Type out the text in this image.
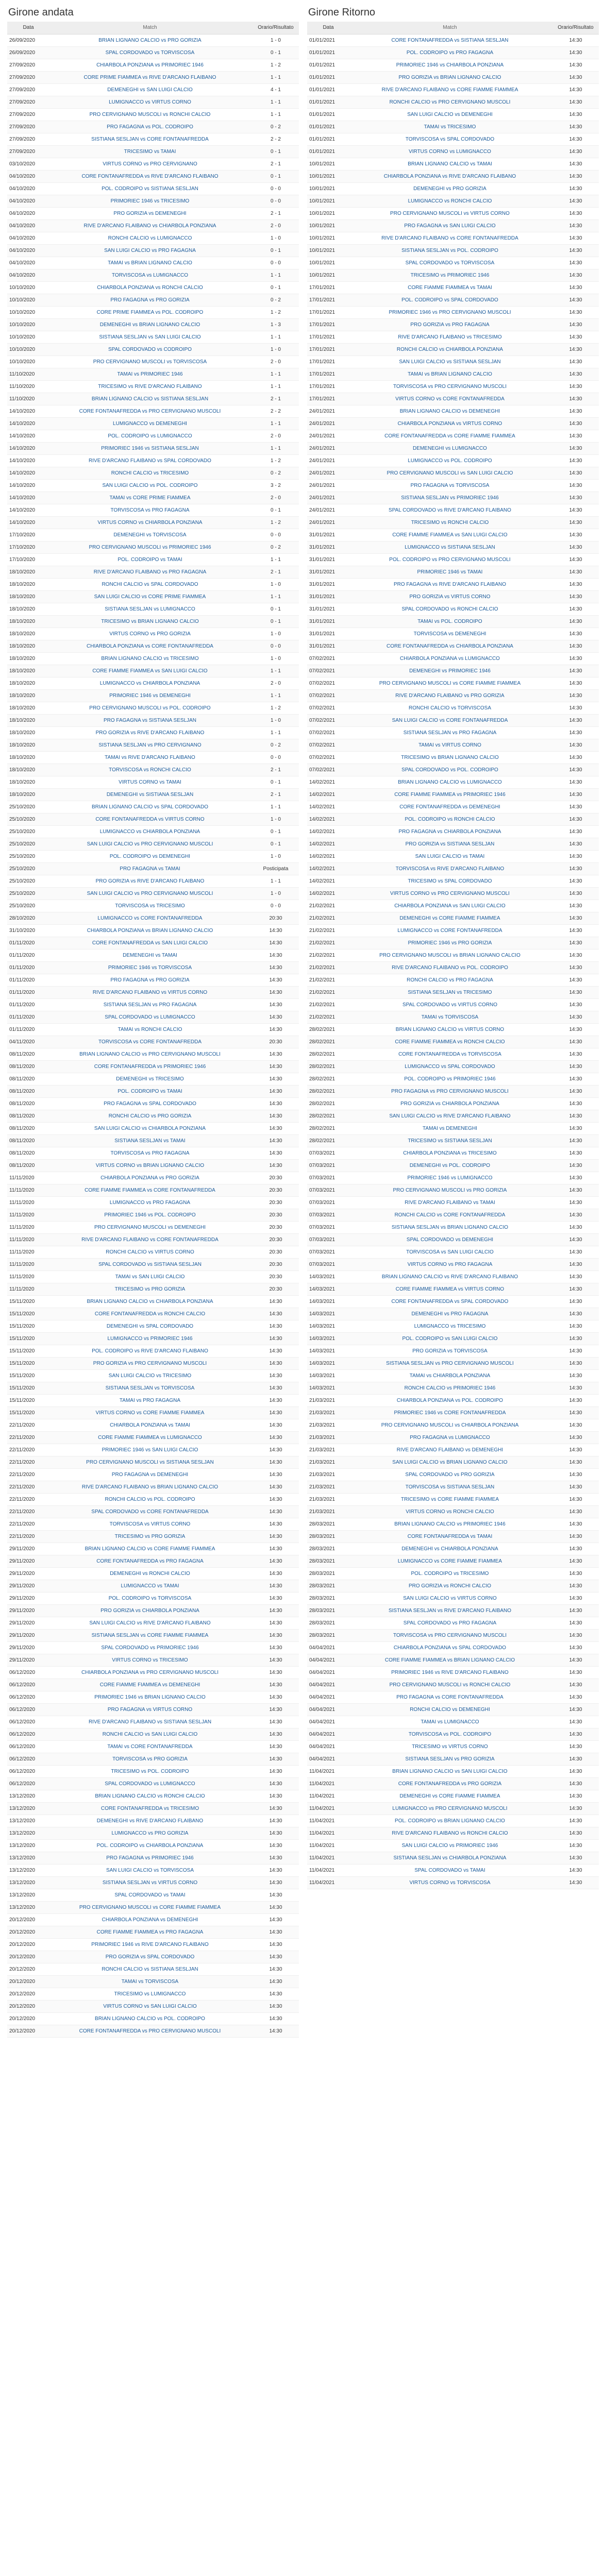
Girone andata
Data	Match	Orario/Risultato
26/09/2020	BRIAN LIGNANO CALCIO vs PRO GORIZIA	1 - 0
26/09/2020	SPAL CORDOVADO vs TORVISCOSA	0 - 1
27/09/2020	CHIARBOLA PONZIANA vs PRIMORIEC 1946	1 - 2
27/09/2020	CORE PRIME FIAMMEA vs RIVE D'ARCANO FLAIBANO	1 - 1
27/09/2020	DEMENEGHI vs SAN LUIGI CALCIO	4 - 1
27/09/2020	LUMIGNACCO vs VIRTUS CORNO	1 - 1
27/09/2020	PRO CERVIGNANO MUSCOLI vs RONCHI CALCIO	1 - 1
27/09/2020	PRO FAGAGNA vs POL. CODROIPO	0 - 2
27/09/2020	SISTIANA SESLJAN vs CORE FONTANAFREDDA	2 - 2
27/09/2020	TRICESIMO vs TAMAI	0 - 1
03/10/2020	VIRTUS CORNO vs PRO CERVIGNANO	2 - 1
04/10/2020	CORE FONTANAFREDDA vs RIVE D'ARCANO FLAIBANO	0 - 1
04/10/2020	POL. CODROIPO vs SISTIANA SESLJAN	0 - 0
04/10/2020	PRIMORIEC 1946 vs TRICESIMO	0 - 0
04/10/2020	PRO GORIZIA vs DEMENEGHI	2 - 1
04/10/2020	RIVE D'ARCANO FLAIBANO vs CHIARBOLA PONZIANA	2 - 0
04/10/2020	RONCHI CALCIO vs LUMIGNACCO	1 - 0
04/10/2020	SAN LUIGI CALCIO vs PRO FAGAGNA	0 - 1
04/10/2020	TAMAI vs BRIAN LIGNANO CALCIO	0 - 0
04/10/2020	TORVISCOSA vs LUMIGNACCO	1 - 1
10/10/2020	CHIARBOLA PONZIANA vs RONCHI CALCIO	0 - 1
10/10/2020	PRO FAGAGNA vs PRO GORIZIA	0 - 2
10/10/2020	CORE PRIME FIAMMEA vs POL. CODROIPO	1 - 2
10/10/2020	DEMENEGHI vs BRIAN LIGNANO CALCIO	1 - 3
10/10/2020	SISTIANA SESLJAN vs SAN LUIGI CALCIO	1 - 1
10/10/2020	SPAL CORDOVADO vs CODROIPO	1 - 0
10/10/2020	PRO CERVIGNANO MUSCOLI vs TORVISCOSA	2 - 0
11/10/2020	TAMAI vs PRIMORIEC 1946	1 - 1
11/10/2020	TRICESIMO vs RIVE D'ARCANO FLAIBANO	1 - 1
11/10/2020	BRIAN LIGNANO CALCIO vs SISTIANA SESLJAN	2 - 1
14/10/2020	CORE FONTANAFREDDA vs PRO CERVIGNANO MUSCOLI	2 - 2
14/10/2020	LUMIGNACCO vs DEMENEGHI	1 - 1
14/10/2020	POL. CODROIPO vs LUMIGNACCO	2 - 0
14/10/2020	PRIMORIEC 1946 vs SISTIANA SESLJAN	1 - 1
14/10/2020	RIVE D'ARCANO FLAIBANO vs SPAL CORDOVADO	1 - 2
14/10/2020	RONCHI CALCIO vs TRICESIMO	0 - 2
14/10/2020	SAN LUIGI CALCIO vs POL. CODROIPO	3 - 2
14/10/2020	TAMAI vs CORE PRIME FIAMMEA	2 - 0
14/10/2020	TORVISCOSA vs PRO FAGAGNA	0 - 1
14/10/2020	VIRTUS CORNO vs CHIARBOLA PONZIANA	1 - 2
17/10/2020	DEMENEGHI vs TORVISCOSA	0 - 0
17/10/2020	PRO CERVIGNANO MUSCOLI vs PRIMORIEC 1946	0 - 2
17/10/2020	POL. CODROIPO vs TAMAI	1 - 1
18/10/2020	RIVE D'ARCANO FLAIBANO vs PRO FAGAGNA	2 - 1
18/10/2020	RONCHI CALCIO vs SPAL CORDOVADO	1 - 0
18/10/2020	SAN LUIGI CALCIO vs CORE PRIME FIAMMEA	1 - 1
18/10/2020	SISTIANA SESLJAN vs LUMIGNACCO	0 - 1
18/10/2020	TRICESIMO vs BRIAN LIGNANO CALCIO	0 - 1
18/10/2020	VIRTUS CORNO vs PRO GORIZIA	1 - 0
18/10/2020	CHIARBOLA PONZIANA vs CORE FONTANAFREDDA	0 - 0
18/10/2020	BRIAN LIGNANO CALCIO vs TRICESIMO	1 - 0
18/10/2020	CORE FIAMME FIAMMEA vs SAN LUIGI CALCIO	1 - 1
18/10/2020	LUMIGNACCO vs CHIARBOLA PONZIANA	2 - 0
18/10/2020	PRIMORIEC 1946 vs DEMENEGHI	1 - 1
18/10/2020	PRO CERVIGNANO MUSCOLI vs POL. CODROIPO	1 - 2
18/10/2020	PRO FAGAGNA vs SISTIANA SESLJAN	1 - 0
18/10/2020	PRO GORIZIA vs RIVE D'ARCANO FLAIBANO	1 - 1
18/10/2020	SISTIANA SESLJAN vs PRO CERVIGNANO	0 - 2
18/10/2020	TAMAI vs RIVE D'ARCANO FLAIBANO	0 - 0
18/10/2020	TORVISCOSA vs RONCHI CALCIO	2 - 1
18/10/2020	VIRTUS CORNO vs TAMAI	0 - 1
18/10/2020	DEMENEGHI vs SISTIANA SESLJAN	2 - 1
25/10/2020	BRIAN LIGNANO CALCIO vs SPAL CORDOVADO	1 - 1
25/10/2020	CORE FONTANAFREDDA vs VIRTUS CORNO	1 - 0
25/10/2020	LUMIGNACCO vs CHIARBOLA PONZIANA	0 - 1
25/10/2020	SAN LUIGI CALCIO vs PRO CERVIGNANO MUSCOLI	0 - 1
25/10/2020	POL. CODROIPO vs DEMENEGHI	1 - 0
25/10/2020	PRO FAGAGNA vs TAMAI	Posticipata
25/10/2020	PRO GORIZIA vs RIVE D'ARCANO FLAIBANO	1 - 1
25/10/2020	SAN LUIGI CALCIO vs PRO CERVIGNANO MUSCOLI	1 - 0
25/10/2020	TORVISCOSA vs TRICESIMO	0 - 0
28/10/2020	LUMIGNACCO vs CORE FONTANAFREDDA	20:30
31/10/2020	CHIARBOLA PONZIANA vs BRIAN LIGNANO CALCIO	14:30
01/11/2020	CORE FONTANAFREDDA vs SAN LUIGI CALCIO	14:30
01/11/2020	DEMENEGHI vs TAMAI	14:30
01/11/2020	PRIMORIEC 1946 vs TORVISCOSA	14:30
01/11/2020	PRO FAGAGNA vs PRO GORIZIA	14:30
01/11/2020	RIVE D'ARCANO FLAIBANO vs VIRTUS CORNO	14:30
01/11/2020	SISTIANA SESLJAN vs PRO FAGAGNA	14:30
01/11/2020	SPAL CORDOVADO vs LUMIGNACCO	14:30
01/11/2020	TAMAI vs RONCHI CALCIO	14:30
04/11/2020	TORVISCOSA vs CORE FONTANAFREDDA	20:30
08/11/2020	BRIAN LIGNANO CALCIO vs PRO CERVIGNANO MUSCOLI	14:30
08/11/2020	CORE FONTANAFREDDA vs PRIMORIEC 1946	14:30
08/11/2020	DEMENEGHI vs TRICESIMO	14:30
08/11/2020	POL. CODROIPO vs TAMAI	14:30
08/11/2020	PRO FAGAGNA vs SPAL CORDOVADO	14:30
08/11/2020	RONCHI CALCIO vs PRO GORIZIA	14:30
08/11/2020	SAN LUIGI CALCIO vs CHIARBOLA PONZIANA	14:30
08/11/2020	SISTIANA SESLJAN vs TAMAI	14:30
08/11/2020	TORVISCOSA vs PRO FAGAGNA	14:30
08/11/2020	VIRTUS CORNO vs BRIAN LIGNANO CALCIO	14:30
11/11/2020	CHIARBOLA PONZIANA vs PRO GORIZIA	20:30
11/11/2020	CORE FIAMME FIAMMEA vs CORE FONTANAFREDDA	20:30
11/11/2020	LUMIGNACCO vs PRO FAGAGNA	20:30
11/11/2020	PRIMORIEC 1946 vs POL. CODROIPO	20:30
11/11/2020	PRO CERVIGNANO MUSCOLI vs DEMENEGHI	20:30
11/11/2020	RIVE D'ARCANO FLAIBANO vs CORE FONTANAFREDDA	20:30
11/11/2020	RONCHI CALCIO vs VIRTUS CORNO	20:30
11/11/2020	SPAL CORDOVADO vs SISTIANA SESLJAN	20:30
11/11/2020	TAMAI vs SAN LUIGI CALCIO	20:30
11/11/2020	TRICESIMO vs PRO GORIZIA	20:30
15/11/2020	BRIAN LIGNANO CALCIO vs CHIARBOLA PONZIANA	14:30
15/11/2020	CORE FONTANAFREDDA vs RONCHI CALCIO	14:30
15/11/2020	DEMENEGHI vs SPAL CORDOVADO	14:30
15/11/2020	LUMIGNACCO vs PRIMORIEC 1946	14:30
15/11/2020	POL. CODROIPO vs RIVE D'ARCANO FLAIBANO	14:30
15/11/2020	PRO GORIZIA vs PRO CERVIGNANO MUSCOLI	14:30
15/11/2020	SAN LUIGI CALCIO vs TRICESIMO	14:30
15/11/2020	SISTIANA SESLJAN vs TORVISCOSA	14:30
15/11/2020	TAMAI vs PRO FAGAGNA	14:30
15/11/2020	VIRTUS CORNO vs CORE FIAMME FIAMMEA	14:30
22/11/2020	CHIARBOLA PONZIANA vs TAMAI	14:30
22/11/2020	CORE FIAMME FIAMMEA vs LUMIGNACCO	14:30
22/11/2020	PRIMORIEC 1946 vs SAN LUIGI CALCIO	14:30
22/11/2020	PRO CERVIGNANO MUSCOLI vs SISTIANA SESLJAN	14:30
22/11/2020	PRO FAGAGNA vs DEMENEGHI	14:30
22/11/2020	RIVE D'ARCANO FLAIBANO vs BRIAN LIGNANO CALCIO	14:30
22/11/2020	RONCHI CALCIO vs POL. CODROIPO	14:30
22/11/2020	SPAL CORDOVADO vs CORE FONTANAFREDDA	14:30
22/11/2020	TORVISCOSA vs VIRTUS CORNO	14:30
22/11/2020	TRICESIMO vs PRO GORIZIA	14:30
29/11/2020	BRIAN LIGNANO CALCIO vs CORE FIAMME FIAMMEA	14:30
29/11/2020	CORE FONTANAFREDDA vs PRO FAGAGNA	14:30
29/11/2020	DEMENEGHI vs RONCHI CALCIO	14:30
29/11/2020	LUMIGNACCO vs TAMAI	14:30
29/11/2020	POL. CODROIPO vs TORVISCOSA	14:30
29/11/2020	PRO GORIZIA vs CHIARBOLA PONZIANA	14:30
29/11/2020	SAN LUIGI CALCIO vs RIVE D'ARCANO FLAIBANO	14:30
29/11/2020	SISTIANA SESLJAN vs CORE FIAMME FIAMMEA	14:30
29/11/2020	SPAL CORDOVADO vs PRIMORIEC 1946	14:30
29/11/2020	VIRTUS CORNO vs TRICESIMO	14:30
06/12/2020	CHIARBOLA PONZIANA vs PRO CERVIGNANO MUSCOLI	14:30
06/12/2020	CORE FIAMME FIAMMEA vs DEMENEGHI	14:30
06/12/2020	PRIMORIEC 1946 vs BRIAN LIGNANO CALCIO	14:30
06/12/2020	PRO FAGAGNA vs VIRTUS CORNO	14:30
06/12/2020	RIVE D'ARCANO FLAIBANO vs SISTIANA SESLJAN	14:30
06/12/2020	RONCHI CALCIO vs SAN LUIGI CALCIO	14:30
06/12/2020	TAMAI vs CORE FONTANAFREDDA	14:30
06/12/2020	TORVISCOSA vs PRO GORIZIA	14:30
06/12/2020	TRICESIMO vs POL. CODROIPO	14:30
06/12/2020	SPAL CORDOVADO vs LUMIGNACCO	14:30
13/12/2020	BRIAN LIGNANO CALCIO vs RONCHI CALCIO	14:30
13/12/2020	CORE FONTANAFREDDA vs TRICESIMO	14:30
13/12/2020	DEMENEGHI vs RIVE D'ARCANO FLAIBANO	14:30
13/12/2020	LUMIGNACCO vs PRO GORIZIA	14:30
13/12/2020	POL. CODROIPO vs CHIARBOLA PONZIANA	14:30
13/12/2020	PRO FAGAGNA vs PRIMORIEC 1946	14:30
13/12/2020	SAN LUIGI CALCIO vs TORVISCOSA	14:30
13/12/2020	SISTIANA SESLJAN vs VIRTUS CORNO	14:30
13/12/2020	SPAL CORDOVADO vs TAMAI	14:30
13/12/2020	PRO CERVIGNANO MUSCOLI vs CORE FIAMME FIAMMEA	14:30
20/12/2020	CHIARBOLA PONZIANA vs DEMENEGHI	14:30
20/12/2020	CORE FIAMME FIAMMEA vs PRO FAGAGNA	14:30
20/12/2020	PRIMORIEC 1946 vs RIVE D'ARCANO FLAIBANO	14:30
20/12/2020	PRO GORIZIA vs SPAL CORDOVADO	14:30
20/12/2020	RONCHI CALCIO vs SISTIANA SESLJAN	14:30
20/12/2020	TAMAI vs TORVISCOSA	14:30
20/12/2020	TRICESIMO vs LUMIGNACCO	14:30
20/12/2020	VIRTUS CORNO vs SAN LUIGI CALCIO	14:30
20/12/2020	BRIAN LIGNANO CALCIO vs POL. CODROIPO	14:30
20/12/2020	CORE FONTANAFREDDA vs PRO CERVIGNANO MUSCOLI	14:30
Girone Ritorno
Data	Match	Orario/Risultato
01/01/2021	CORE FONTANAFREDDA vs SISTIANA SESLJAN	14:30
01/01/2021	POL. CODROIPO vs PRO FAGAGNA	14:30
01/01/2021	PRIMORIEC 1946 vs CHIARBOLA PONZIANA	14:30
01/01/2021	PRO GORIZIA vs BRIAN LIGNANO CALCIO	14:30
01/01/2021	RIVE D'ARCANO FLAIBANO vs CORE FIAMME FIAMMEA	14:30
01/01/2021	RONCHI CALCIO vs PRO CERVIGNANO MUSCOLI	14:30
01/01/2021	SAN LUIGI CALCIO vs DEMENEGHI	14:30
01/01/2021	TAMAI vs TRICESIMO	14:30
01/01/2021	TORVISCOSA vs SPAL CORDOVADO	14:30
01/01/2021	VIRTUS CORNO vs LUMIGNACCO	14:30
10/01/2021	BRIAN LIGNANO CALCIO vs TAMAI	14:30
10/01/2021	CHIARBOLA PONZIANA vs RIVE D'ARCANO FLAIBANO	14:30
10/01/2021	DEMENEGHI vs PRO GORIZIA	14:30
10/01/2021	LUMIGNACCO vs RONCHI CALCIO	14:30
10/01/2021	PRO CERVIGNANO MUSCOLI vs VIRTUS CORNO	14:30
10/01/2021	PRO FAGAGNA vs SAN LUIGI CALCIO	14:30
10/01/2021	RIVE D'ARCANO FLAIBANO vs CORE FONTANAFREDDA	14:30
10/01/2021	SISTIANA SESLJAN vs POL. CODROIPO	14:30
10/01/2021	SPAL CORDOVADO vs TORVISCOSA	14:30
10/01/2021	TRICESIMO vs PRIMORIEC 1946	14:30
17/01/2021	CORE FIAMME FIAMMEA vs TAMAI	14:30
17/01/2021	POL. CODROIPO vs SPAL CORDOVADO	14:30
17/01/2021	PRIMORIEC 1946 vs PRO CERVIGNANO MUSCOLI	14:30
17/01/2021	PRO GORIZIA vs PRO FAGAGNA	14:30
17/01/2021	RIVE D'ARCANO FLAIBANO vs TRICESIMO	14:30
17/01/2021	RONCHI CALCIO vs CHIARBOLA PONZIANA	14:30
17/01/2021	SAN LUIGI CALCIO vs SISTIANA SESLJAN	14:30
17/01/2021	TAMAI vs BRIAN LIGNANO CALCIO	14:30
17/01/2021	TORVISCOSA vs PRO CERVIGNANO MUSCOLI	14:30
17/01/2021	VIRTUS CORNO vs CORE FONTANAFREDDA	14:30
24/01/2021	BRIAN LIGNANO CALCIO vs DEMENEGHI	14:30
24/01/2021	CHIARBOLA PONZIANA vs VIRTUS CORNO	14:30
24/01/2021	CORE FONTANAFREDDA vs CORE FIAMME FIAMMEA	14:30
24/01/2021	DEMENEGHI vs LUMIGNACCO	14:30
24/01/2021	LUMIGNACCO vs POL. CODROIPO	14:30
24/01/2021	PRO CERVIGNANO MUSCOLI vs SAN LUIGI CALCIO	14:30
24/01/2021	PRO FAGAGNA vs TORVISCOSA	14:30
24/01/2021	SISTIANA SESLJAN vs PRIMORIEC 1946	14:30
24/01/2021	SPAL CORDOVADO vs RIVE D'ARCANO FLAIBANO	14:30
24/01/2021	TRICESIMO vs RONCHI CALCIO	14:30
31/01/2021	CORE FIAMME FIAMMEA vs SAN LUIGI CALCIO	14:30
31/01/2021	LUMIGNACCO vs SISTIANA SESLJAN	14:30
31/01/2021	POL. CODROIPO vs PRO CERVIGNANO MUSCOLI	14:30
31/01/2021	PRIMORIEC 1946 vs TAMAI	14:30
31/01/2021	PRO FAGAGNA vs RIVE D'ARCANO FLAIBANO	14:30
31/01/2021	PRO GORIZIA vs VIRTUS CORNO	14:30
31/01/2021	SPAL CORDOVADO vs RONCHI CALCIO	14:30
31/01/2021	TAMAI vs POL. CODROIPO	14:30
31/01/2021	TORVISCOSA vs DEMENEGHI	14:30
31/01/2021	CORE FONTANAFREDDA vs CHIARBOLA PONZIANA	14:30
07/02/2021	CHIARBOLA PONZIANA vs LUMIGNACCO	14:30
07/02/2021	DEMENEGHI vs PRIMORIEC 1946	14:30
07/02/2021	PRO CERVIGNANO MUSCOLI vs CORE FIAMME FIAMMEA	14:30
07/02/2021	RIVE D'ARCANO FLAIBANO vs PRO GORIZIA	14:30
07/02/2021	RONCHI CALCIO vs TORVISCOSA	14:30
07/02/2021	SAN LUIGI CALCIO vs CORE FONTANAFREDDA	14:30
07/02/2021	SISTIANA SESLJAN vs PRO FAGAGNA	14:30
07/02/2021	TAMAI vs VIRTUS CORNO	14:30
07/02/2021	TRICESIMO vs BRIAN LIGNANO CALCIO	14:30
07/02/2021	SPAL CORDOVADO vs POL. CODROIPO	14:30
14/02/2021	BRIAN LIGNANO CALCIO vs LUMIGNACCO	14:30
14/02/2021	CORE FIAMME FIAMMEA vs PRIMORIEC 1946	14:30
14/02/2021	CORE FONTANAFREDDA vs DEMENEGHI	14:30
14/02/2021	POL. CODROIPO vs RONCHI CALCIO	14:30
14/02/2021	PRO FAGAGNA vs CHIARBOLA PONZIANA	14:30
14/02/2021	PRO GORIZIA vs SISTIANA SESLJAN	14:30
14/02/2021	SAN LUIGI CALCIO vs TAMAI	14:30
14/02/2021	TORVISCOSA vs RIVE D'ARCANO FLAIBANO	14:30
14/02/2021	TRICESIMO vs SPAL CORDOVADO	14:30
14/02/2021	VIRTUS CORNO vs PRO CERVIGNANO MUSCOLI	14:30
21/02/2021	CHIARBOLA PONZIANA vs SAN LUIGI CALCIO	14:30
21/02/2021	DEMENEGHI vs CORE FIAMME FIAMMEA	14:30
21/02/2021	LUMIGNACCO vs CORE FONTANAFREDDA	14:30
21/02/2021	PRIMORIEC 1946 vs PRO GORIZIA	14:30
21/02/2021	PRO CERVIGNANO MUSCOLI vs BRIAN LIGNANO CALCIO	14:30
21/02/2021	RIVE D'ARCANO FLAIBANO vs POL. CODROIPO	14:30
21/02/2021	RONCHI CALCIO vs PRO FAGAGNA	14:30
21/02/2021	SISTIANA SESLJAN vs TRICESIMO	14:30
21/02/2021	SPAL CORDOVADO vs VIRTUS CORNO	14:30
21/02/2021	TAMAI vs TORVISCOSA	14:30
28/02/2021	BRIAN LIGNANO CALCIO vs VIRTUS CORNO	14:30
28/02/2021	CORE FIAMME FIAMMEA vs RONCHI CALCIO	14:30
28/02/2021	CORE FONTANAFREDDA vs TORVISCOSA	14:30
28/02/2021	LUMIGNACCO vs SPAL CORDOVADO	14:30
28/02/2021	POL. CODROIPO vs PRIMORIEC 1946	14:30
28/02/2021	PRO FAGAGNA vs PRO CERVIGNANO MUSCOLI	14:30
28/02/2021	PRO GORIZIA vs CHIARBOLA PONZIANA	14:30
28/02/2021	SAN LUIGI CALCIO vs RIVE D'ARCANO FLAIBANO	14:30
28/02/2021	TAMAI vs DEMENEGHI	14:30
28/02/2021	TRICESIMO vs SISTIANA SESLJAN	14:30
07/03/2021	CHIARBOLA PONZIANA vs TRICESIMO	14:30
07/03/2021	DEMENEGHI vs POL. CODROIPO	14:30
07/03/2021	PRIMORIEC 1946 vs LUMIGNACCO	14:30
07/03/2021	PRO CERVIGNANO MUSCOLI vs PRO GORIZIA	14:30
07/03/2021	RIVE D'ARCANO FLAIBANO vs TAMAI	14:30
07/03/2021	RONCHI CALCIO vs CORE FONTANAFREDDA	14:30
07/03/2021	SISTIANA SESLJAN vs BRIAN LIGNANO CALCIO	14:30
07/03/2021	SPAL CORDOVADO vs DEMENEGHI	14:30
07/03/2021	TORVISCOSA vs SAN LUIGI CALCIO	14:30
07/03/2021	VIRTUS CORNO vs PRO FAGAGNA	14:30
14/03/2021	BRIAN LIGNANO CALCIO vs RIVE D'ARCANO FLAIBANO	14:30
14/03/2021	CORE FIAMME FIAMMEA vs VIRTUS CORNO	14:30
14/03/2021	CORE FONTANAFREDDA vs SPAL CORDOVADO	14:30
14/03/2021	DEMENEGHI vs PRO FAGAGNA	14:30
14/03/2021	LUMIGNACCO vs TRICESIMO	14:30
14/03/2021	POL. CODROIPO vs SAN LUIGI CALCIO	14:30
14/03/2021	PRO GORIZIA vs TORVISCOSA	14:30
14/03/2021	SISTIANA SESLJAN vs PRO CERVIGNANO MUSCOLI	14:30
14/03/2021	TAMAI vs CHIARBOLA PONZIANA	14:30
14/03/2021	RONCHI CALCIO vs PRIMORIEC 1946	14:30
21/03/2021	CHIARBOLA PONZIANA vs POL. CODROIPO	14:30
21/03/2021	PRIMORIEC 1946 vs CORE FONTANAFREDDA	14:30
21/03/2021	PRO CERVIGNANO MUSCOLI vs CHIARBOLA PONZIANA	14:30
21/03/2021	PRO FAGAGNA vs LUMIGNACCO	14:30
21/03/2021	RIVE D'ARCANO FLAIBANO vs DEMENEGHI	14:30
21/03/2021	SAN LUIGI CALCIO vs BRIAN LIGNANO CALCIO	14:30
21/03/2021	SPAL CORDOVADO vs PRO GORIZIA	14:30
21/03/2021	TORVISCOSA vs SISTIANA SESLJAN	14:30
21/03/2021	TRICESIMO vs CORE FIAMME FIAMMEA	14:30
21/03/2021	VIRTUS CORNO vs RONCHI CALCIO	14:30
28/03/2021	BRIAN LIGNANO CALCIO vs PRIMORIEC 1946	14:30
28/03/2021	CORE FONTANAFREDDA vs TAMAI	14:30
28/03/2021	DEMENEGHI vs CHIARBOLA PONZIANA	14:30
28/03/2021	LUMIGNACCO vs CORE FIAMME FIAMMEA	14:30
28/03/2021	POL. CODROIPO vs TRICESIMO	14:30
28/03/2021	PRO GORIZIA vs RONCHI CALCIO	14:30
28/03/2021	SAN LUIGI CALCIO vs VIRTUS CORNO	14:30
28/03/2021	SISTIANA SESLJAN vs RIVE D'ARCANO FLAIBANO	14:30
28/03/2021	SPAL CORDOVADO vs PRO FAGAGNA	14:30
28/03/2021	TORVISCOSA vs PRO CERVIGNANO MUSCOLI	14:30
04/04/2021	CHIARBOLA PONZIANA vs SPAL CORDOVADO	14:30
04/04/2021	CORE FIAMME FIAMMEA vs BRIAN LIGNANO CALCIO	14:30
04/04/2021	PRIMORIEC 1946 vs RIVE D'ARCANO FLAIBANO	14:30
04/04/2021	PRO CERVIGNANO MUSCOLI vs RONCHI CALCIO	14:30
04/04/2021	PRO FAGAGNA vs CORE FONTANAFREDDA	14:30
04/04/2021	RONCHI CALCIO vs DEMENEGHI	14:30
04/04/2021	TAMAI vs LUMIGNACCO	14:30
04/04/2021	TORVISCOSA vs POL. CODROIPO	14:30
04/04/2021	TRICESIMO vs VIRTUS CORNO	14:30
04/04/2021	SISTIANA SESLJAN vs PRO GORIZIA	14:30
11/04/2021	BRIAN LIGNANO CALCIO vs SAN LUIGI CALCIO	14:30
11/04/2021	CORE FONTANAFREDDA vs PRO GORIZIA	14:30
11/04/2021	DEMENEGHI vs CORE FIAMME FIAMMEA	14:30
11/04/2021	LUMIGNACCO vs PRO CERVIGNANO MUSCOLI	14:30
11/04/2021	POL. CODROIPO vs BRIAN LIGNANO CALCIO	14:30
11/04/2021	RIVE D'ARCANO FLAIBANO vs RONCHI CALCIO	14:30
11/04/2021	SAN LUIGI CALCIO vs PRIMORIEC 1946	14:30
11/04/2021	SISTIANA SESLJAN vs CHIARBOLA PONZIANA	14:30
11/04/2021	SPAL CORDOVADO vs TAMAI	14:30
11/04/2021	VIRTUS CORNO vs TORVISCOSA	14:30
